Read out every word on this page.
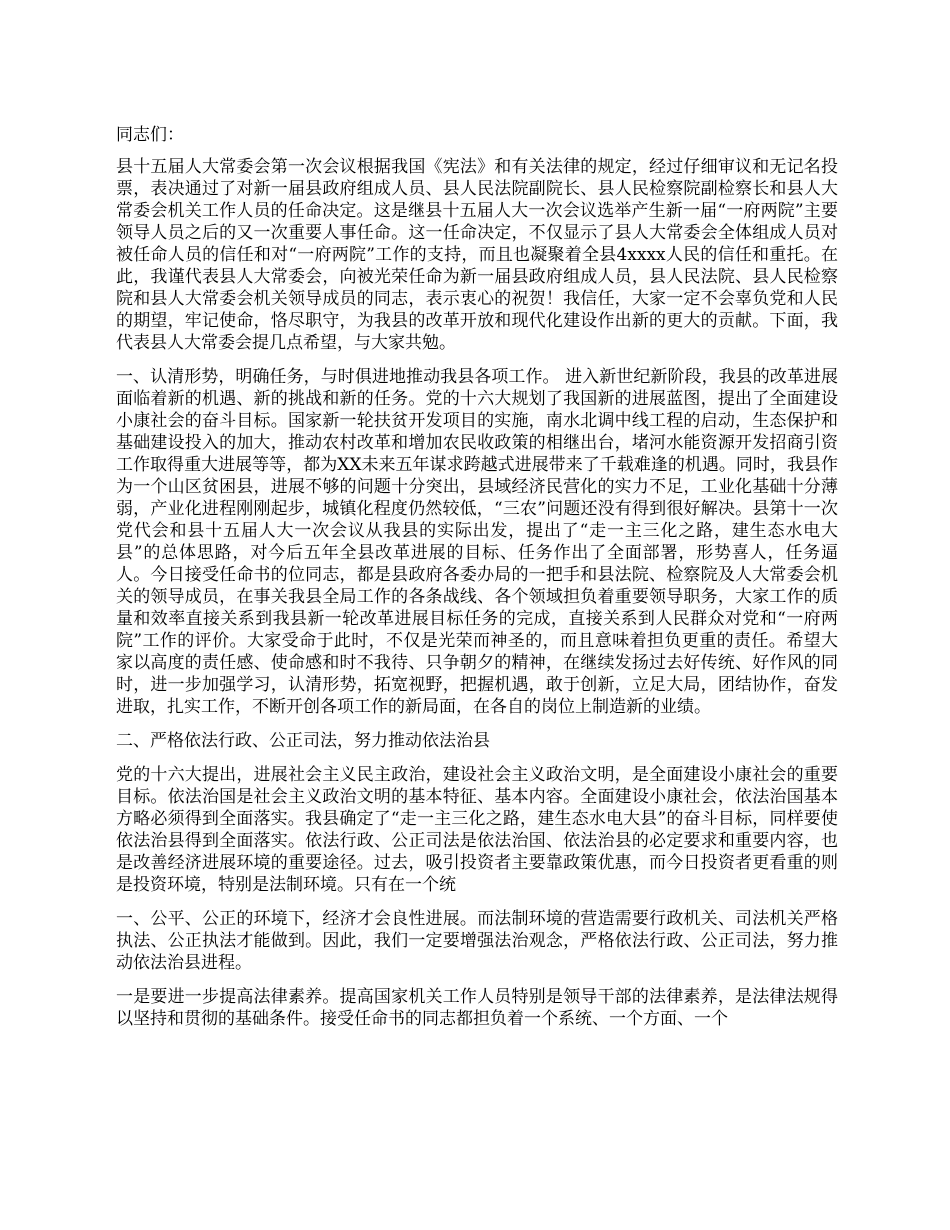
同志们：

县十五届人大常委会第一次会议根据我国《宪法》和有关法律的规定，经过仔细审议和无记名投票，表决通过了对新一届县政府组成人员、县人民法院副院长、县人民检察院副检察长和县人大常委会机关工作人员的任命决定。这是继县十五届人大一次会议选举产生新一届“一府两院”主要领导人员之后的又一次重要人事任命。这一任命决定，不仅显示了县人大常委会全体组成人员对被任命人员的信任和对“一府两院”工作的支持，而且也凝聚着全县4xxxx人民的信任和重托。在此，我谨代表县人大常委会，向被光荣任命为新一届县政府组成人员，县人民法院、县人民检察院和县人大常委会机关领导成员的同志，表示衷心的祝贺！我信任，大家一定不会辜负党和人民的期望，牢记使命，恪尽职守，为我县的改革开放和现代化建设作出新的更大的贡献。下面，我代表县人大常委会提几点希望，与大家共勉。

一、认清形势，明确任务，与时俱进地推动我县各项工作。 进入新世纪新阶段，我县的改革进展面临着新的机遇、新的挑战和新的任务。党的十六大规划了我国新的进展蓝图，提出了全面建设小康社会的奋斗目标。国家新一轮扶贫开发项目的实施，南水北调中线工程的启动，生态保护和基础建设投入的加大，推动农村改革和增加农民收政策的相继出台，堵河水能资源开发招商引资工作取得重大进展等等，都为XX未来五年谋求跨越式进展带来了千载难逢的机遇。同时，我县作为一个山区贫困县，进展不够的问题十分突出，县域经济民营化的实力不足，工业化基础十分薄弱，产业化进程刚刚起步，城镇化程度仍然较低，“三农”问题还没有得到很好解决。县第十一次党代会和县十五届人大一次会议从我县的实际出发，提出了“走一主三化之路，建生态水电大县”的总体思路，对今后五年全县改革进展的目标、任务作出了全面部署，形势喜人，任务逼人。今日接受任命书的位同志，都是县政府各委办局的一把手和县法院、检察院及人大常委会机关的领导成员，在事关我县全局工作的各条战线、各个领域担负着重要领导职务，大家工作的质量和效率直接关系到我县新一轮改革进展目标任务的完成，直接关系到人民群众对党和“一府两院”工作的评价。大家受命于此时，不仅是光荣而神圣的，而且意味着担负更重的责任。希望大家以高度的责任感、使命感和时不我待、只争朝夕的精神，在继续发扬过去好传统、好作风的同时，进一步加强学习，认清形势，拓宽视野，把握机遇，敢于创新，立足大局，团结协作，奋发进取，扎实工作，不断开创各项工作的新局面，在各自的岗位上制造新的业绩。

二、严格依法行政、公正司法，努力推动依法治县

党的十六大提出，进展社会主义民主政治，建设社会主义政治文明，是全面建设小康社会的重要目标。依法治国是社会主义政治文明的基本特征、基本内容。全面建设小康社会，依法治国基本方略必须得到全面落实。我县确定了“走一主三化之路，建生态水电大县”的奋斗目标，同样要使依法治县得到全面落实。依法行政、公正司法是依法治国、依法治县的必定要求和重要内容，也是改善经济进展环境的重要途径。过去，吸引投资者主要靠政策优惠，而今日投资者更看重的则是投资环境，特别是法制环境。只有在一个统

一、公平、公正的环境下，经济才会良性进展。而法制环境的营造需要行政机关、司法机关严格执法、公正执法才能做到。因此，我们一定要增强法治观念，严格依法行政、公正司法，努力推动依法治县进程。

一是要进一步提高法律素养。提高国家机关工作人员特别是领导干部的法律素养，是法律法规得以坚持和贯彻的基础条件。接受任命书的同志都担负着一个系统、一个方面、一个
